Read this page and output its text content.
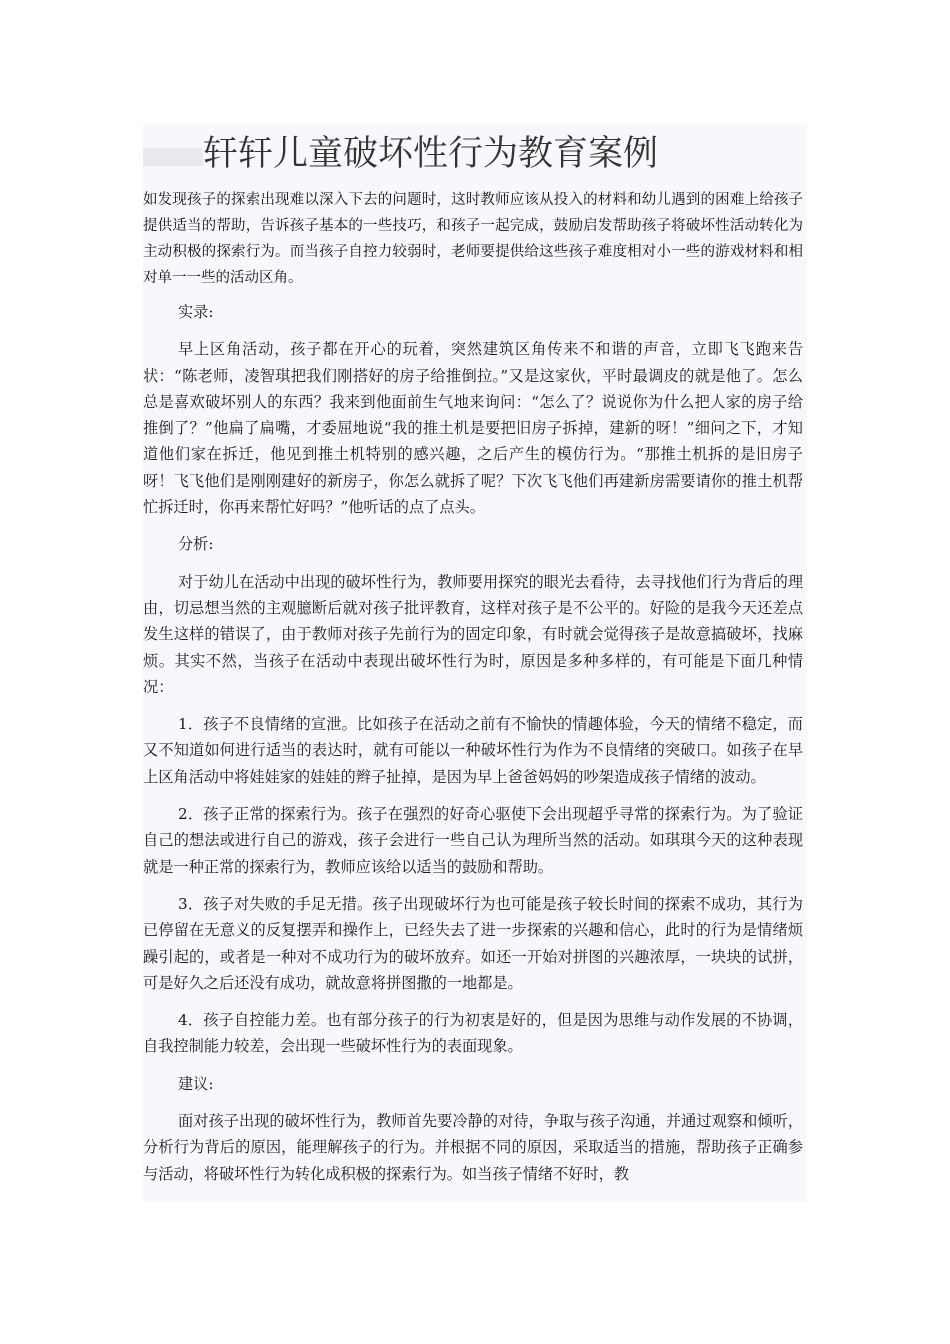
轩轩儿童破坏性行为教育案例

如发现孩子的探索出现难以深入下去的问题时，这时教师应该从投入的材料和幼儿遇到的困难上给孩子提供适当的帮助，告诉孩子基本的一些技巧，和孩子一起完成，鼓励启发帮助孩子将破坏性活动转化为主动积极的探索行为。而当孩子自控力较弱时，老师要提供给这些孩子难度相对小一些的游戏材料和相对单一一些的活动区角。

实录:

早上区角活动，孩子都在开心的玩着，突然建筑区角传来不和谐的声音，立即飞飞跑来告状：“陈老师，凌智琪把我们刚搭好的房子给推倒拉。”又是这家伙，平时最调皮的就是他了。怎么总是喜欢破坏别人的东西？我来到他面前生气地来询问：“怎么了？说说你为什么把人家的房子给推倒了？”他扁了扁嘴，才委屈地说“我的推土机是要把旧房子拆掉，建新的呀！”细问之下，才知道他们家在拆迁，他见到推土机特别的感兴趣，之后产生的模仿行为。“那推土机拆的是旧房子呀！飞飞他们是刚刚建好的新房子，你怎么就拆了呢？下次飞飞他们再建新房需要请你的推土机帮忙拆迁时，你再来帮忙好吗？”他听话的点了点头。

分析:

对于幼儿在活动中出现的破坏性行为，教师要用探究的眼光去看待，去寻找他们行为背后的理由，切忌想当然的主观臆断后就对孩子批评教育，这样对孩子是不公平的。好险的是我今天还差点发生这样的错误了，由于教师对孩子先前行为的固定印象，有时就会觉得孩子是故意搞破坏，找麻烦。其实不然，当孩子在活动中表现出破坏性行为时，原因是多种多样的，有可能是下面几种情况：

1．孩子不良情绪的宣泄。比如孩子在活动之前有不愉快的情趣体验，今天的情绪不稳定，而又不知道如何进行适当的表达时，就有可能以一种破坏性行为作为不良情绪的突破口。如孩子在早上区角活动中将娃娃家的娃娃的辫子扯掉，是因为早上爸爸妈妈的吵架造成孩子情绪的波动。

2．孩子正常的探索行为。孩子在强烈的好奇心驱使下会出现超乎寻常的探索行为。为了验证自己的想法或进行自己的游戏，孩子会进行一些自己认为理所当然的活动。如琪琪今天的这种表现就是一种正常的探索行为，教师应该给以适当的鼓励和帮助。

3．孩子对失败的手足无措。孩子出现破坏行为也可能是孩子较长时间的探索不成功，其行为已停留在无意义的反复摆弄和操作上，已经失去了进一步探索的兴趣和信心，此时的行为是情绪烦躁引起的，或者是一种对不成功行为的破坏放弃。如还一开始对拼图的兴趣浓厚，一块块的试拼，可是好久之后还没有成功，就故意将拼图撒的一地都是。

4．孩子自控能力差。也有部分孩子的行为初衷是好的，但是因为思维与动作发展的不协调，自我控制能力较差，会出现一些破坏性行为的表面现象。

建议:

面对孩子出现的破坏性行为，教师首先要冷静的对待，争取与孩子沟通，并通过观察和倾听，分析行为背后的原因，能理解孩子的行为。并根据不同的原因，采取适当的措施，帮助孩子正确参与活动，将破坏性行为转化成积极的探索行为。如当孩子情绪不好时，教
